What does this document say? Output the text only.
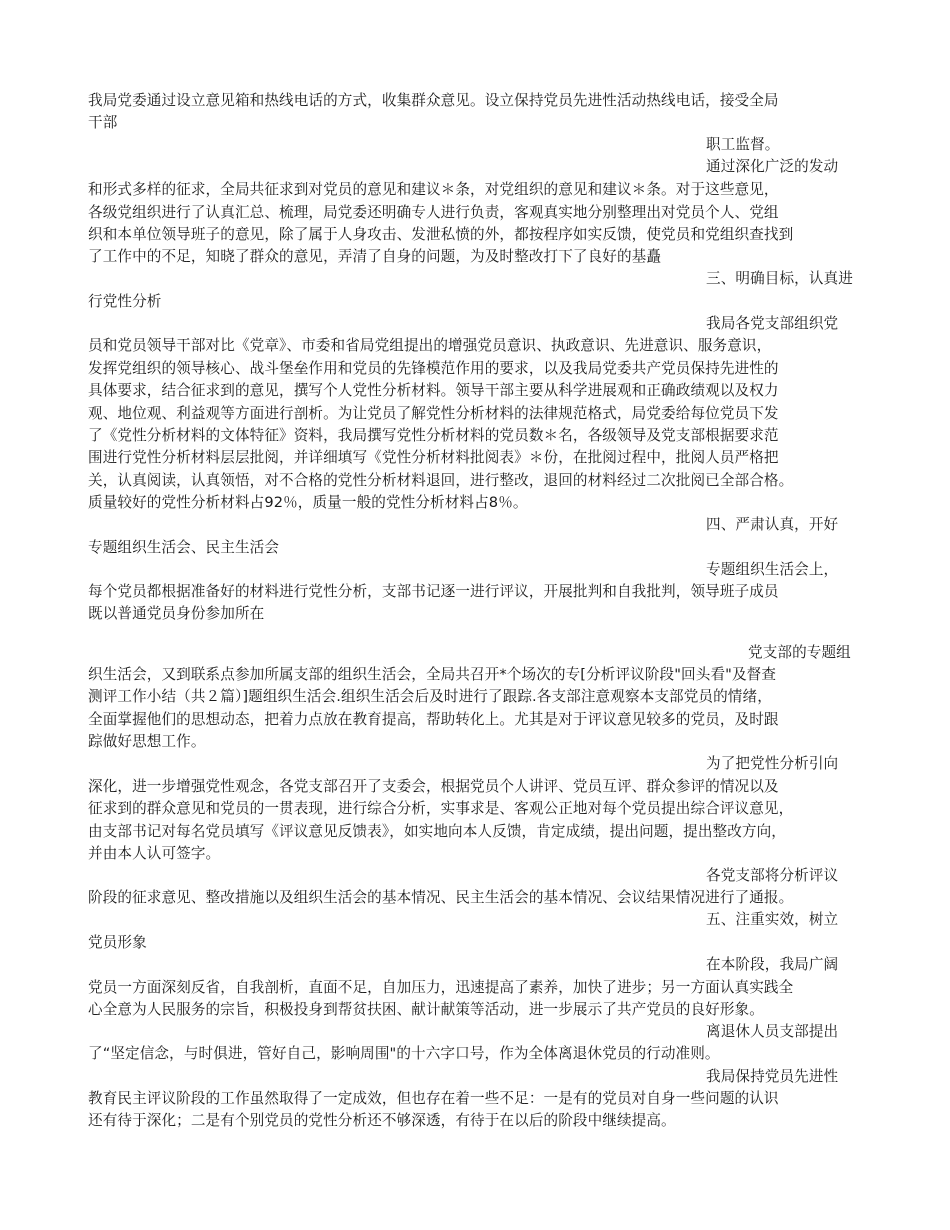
我局党委通过设立意见箱和热线电话的方式，收集群众意见。设立保持党员先进性活动热线电话，接受全局
干部
职工监督。
通过深化广泛的发动
和形式多样的征求，全局共征求到对党员的意见和建议＊条，对党组织的意见和建议＊条。对于这些意见，
各级党组织进行了认真汇总、梳理，局党委还明确专人进行负责，客观真实地分别整理出对党员个人、党组
织和本单位领导班子的意见，除了属于人身攻击、发泄私愤的外，都按程序如实反馈，使党员和党组织查找到
了工作中的不足，知晓了群众的意见，弄清了自身的问题，为及时整改打下了良好的基矗
三、明确目标，认真进
行党性分析
我局各党支部组织党
员和党员领导干部对比《党章》、市委和省局党组提出的增强党员意识、执政意识、先进意识、服务意识，
发挥党组织的领导核心、战斗堡垒作用和党员的先锋模范作用的要求，以及我局党委共产党员保持先进性的
具体要求，结合征求到的意见，撰写个人党性分析材料。领导干部主要从科学进展观和正确政绩观以及权力
观、地位观、利益观等方面进行剖析。为让党员了解党性分析材料的法律规范格式，局党委给每位党员下发
了《党性分析材料的文体特征》资料，我局撰写党性分析材料的党员数＊名，各级领导及党支部根据要求范
围进行党性分析材料层层批阅，并详细填写《党性分析材料批阅表》＊份，在批阅过程中，批阅人员严格把
关，认真阅读，认真领悟，对不合格的党性分析材料退回，进行整改，退回的材料经过二次批阅已全部合格。
质量较好的党性分析材料占92％，质量一般的党性分析材料占8％。
四、严肃认真，开好
专题组织生活会、民主生活会
专题组织生活会上，
每个党员都根据准备好的材料进行党性分析，支部书记逐一进行评议，开展批判和自我批判，领导班子成员
既以普通党员身份参加所在
党支部的专题组
织生活会，又到联系点参加所属支部的组织生活会，全局共召开*个场次的专[分析评议阶段"回头看"及督查
测评工作小结（共２篇）]题组织生活会.组织生活会后及时进行了跟踪.各支部注意观察本支部党员的情绪，
全面掌握他们的思想动态，把着力点放在教育提高，帮助转化上。尤其是对于评议意见较多的党员，及时跟
踪做好思想工作。
为了把党性分析引向
深化，进一步增强党性观念，各党支部召开了支委会，根据党员个人讲评、党员互评、群众参评的情况以及
征求到的群众意见和党员的一贯表现，进行综合分析，实事求是、客观公正地对每个党员提出综合评议意见，
由支部书记对每名党员填写《评议意见反馈表》，如实地向本人反馈，肯定成绩，提出问题，提出整改方向，
并由本人认可签字。
各党支部将分析评议
阶段的征求意见、整改措施以及组织生活会的基本情况、民主生活会的基本情况、会议结果情况进行了通报。
五、注重实效，树立
党员形象
在本阶段，我局广阔
党员一方面深刻反省，自我剖析，直面不足，自加压力，迅速提高了素养，加快了进步；另一方面认真实践全
心全意为人民服务的宗旨，积极投身到帮贫扶困、献计献策等活动，进一步展示了共产党员的良好形象。
离退休人员支部提出
了“坚定信念，与时俱进，管好自己，影响周围"的十六字口号，作为全体离退休党员的行动准则。
我局保持党员先进性
教育民主评议阶段的工作虽然取得了一定成效，但也存在着一些不足：一是有的党员对自身一些问题的认识
还有待于深化；二是有个别党员的党性分析还不够深透，有待于在以后的阶段中继续提高。
